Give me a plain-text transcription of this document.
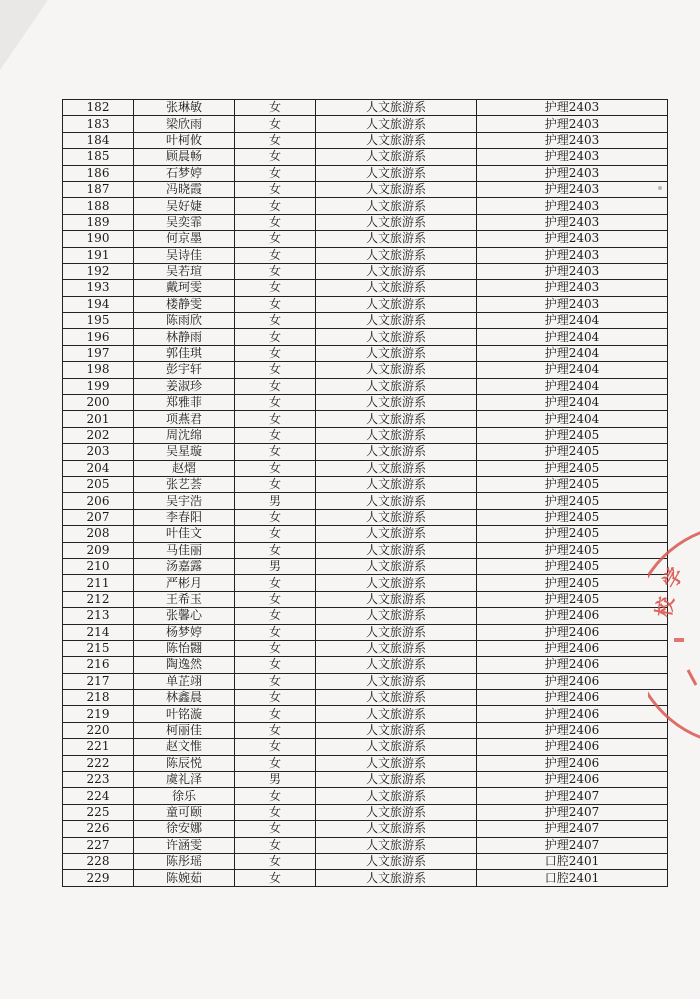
182	张琳敏	女	人文旅游系	护理2403
183	梁欣雨	女	人文旅游系	护理2403
184	叶柯攸	女	人文旅游系	护理2403
185	顾晨畅	女	人文旅游系	护理2403
186	石梦婷	女	人文旅游系	护理2403
187	冯晓霞	女	人文旅游系	护理2403
188	吴好婕	女	人文旅游系	护理2403
189	吴奕霏	女	人文旅游系	护理2403
190	何京墨	女	人文旅游系	护理2403
191	吴诗佳	女	人文旅游系	护理2403
192	吴若瑄	女	人文旅游系	护理2403
193	戴珂雯	女	人文旅游系	护理2403
194	楼静雯	女	人文旅游系	护理2403
195	陈雨欣	女	人文旅游系	护理2404
196	林静雨	女	人文旅游系	护理2404
197	郭佳琪	女	人文旅游系	护理2404
198	彭宇轩	女	人文旅游系	护理2404
199	姜淑珍	女	人文旅游系	护理2404
200	郑雅菲	女	人文旅游系	护理2404
201	项燕君	女	人文旅游系	护理2404
202	周沈绵	女	人文旅游系	护理2405
203	吴星璇	女	人文旅游系	护理2405
204	赵熠	女	人文旅游系	护理2405
205	张艺荟	女	人文旅游系	护理2405
206	吴宇浩	男	人文旅游系	护理2405
207	李春阳	女	人文旅游系	护理2405
208	叶佳文	女	人文旅游系	护理2405
209	马佳丽	女	人文旅游系	护理2405
210	汤嘉露	男	人文旅游系	护理2405
211	严彬月	女	人文旅游系	护理2405
212	王希玉	女	人文旅游系	护理2405
213	张馨心	女	人文旅游系	护理2406
214	杨梦婷	女	人文旅游系	护理2406
215	陈怡翾	女	人文旅游系	护理2406
216	陶逸然	女	人文旅游系	护理2406
217	单芷翊	女	人文旅游系	护理2406
218	林鑫晨	女	人文旅游系	护理2406
219	叶铭漩	女	人文旅游系	护理2406
220	柯丽佳	女	人文旅游系	护理2406
221	赵文惟	女	人文旅游系	护理2406
222	陈辰悦	女	人文旅游系	护理2406
223	虞礼泽	男	人文旅游系	护理2406
224	徐乐	女	人文旅游系	护理2407
225	童可颐	女	人文旅游系	护理2407
226	徐安娜	女	人文旅游系	护理2407
227	许涵雯	女	人文旅游系	护理2407
228	陈彤瑶	女	人文旅游系	口腔2401
229	陈婉茹	女	人文旅游系	口腔2401
学
校
